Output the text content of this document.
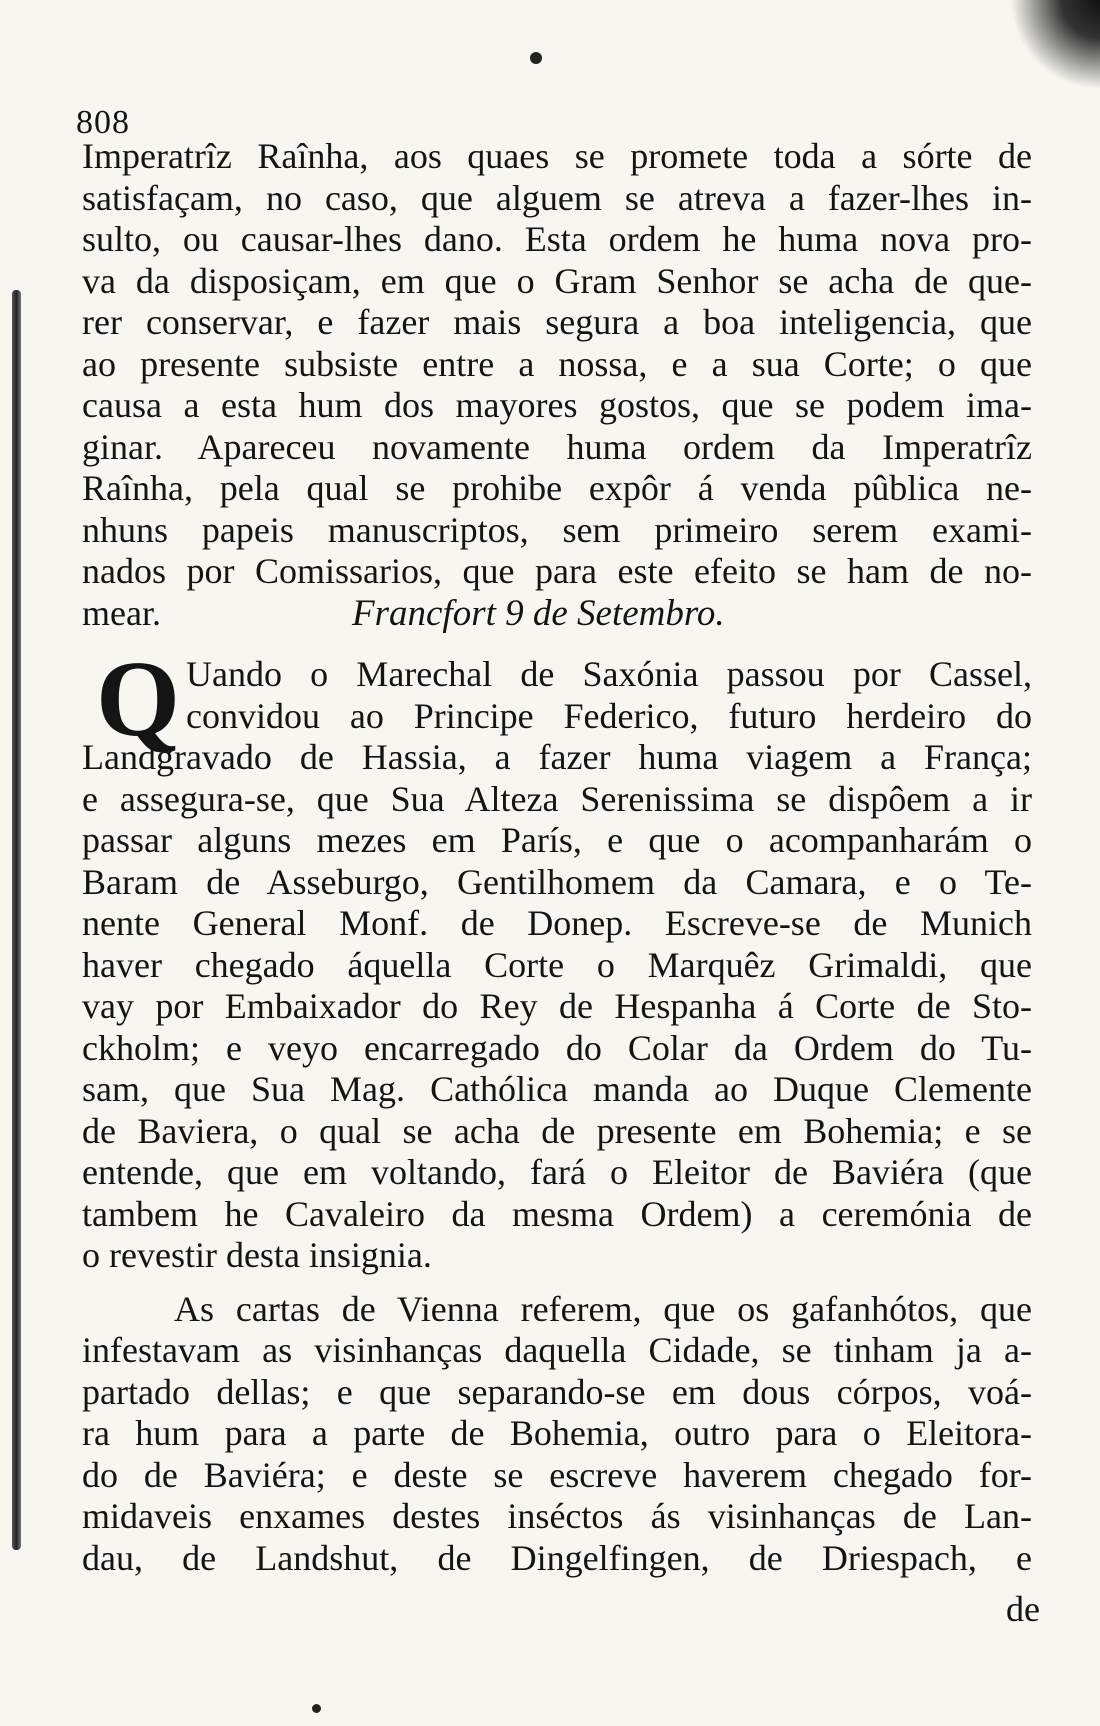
808
Imperatrîz Raînha, aos quaes se promete toda a sórte de
satisfaçam, no caso, que alguem se atreva a fazer-lhes in-
sulto, ou causar-lhes dano. Esta ordem he huma nova pro-
va da disposiçam, em que o Gram Senhor se acha de que-
rer conservar, e fazer mais segura a boa inteligencia, que
ao presente subsiste entre a nossa, e a sua Corte; o que
causa a esta hum dos mayores gostos, que se podem ima-
ginar. Apareceu novamente huma ordem da Imperatrîz
Raînha, pela qual se prohibe expôr á venda pûblica ne-
nhuns papeis manuscriptos, sem primeiro serem exami-
nados por Comissarios, que para este efeito se ham de no-
mear.	Francfort 9 de Setembro.
Q Uando o Marechal de Saxónia passou por Cassel,
convidou ao Principe Federico, futuro herdeiro do
Landgravado de Hassia, a fazer huma viagem a França;
e assegura-se, que Sua Alteza Serenissima se dispôem a ir
passar alguns mezes em París, e que o acompanharám o
Baram de Asseburgo, Gentilhomem da Camara, e o Te-
nente General Monf. de Donep. Escreve-se de Munich
haver chegado áquella Corte o Marquêz Grimaldi, que
vay por Embaixador do Rey de Hespanha á Corte de Sto-
ckholm; e veyo encarregado do Colar da Ordem do Tu-
sam, que Sua Mag. Cathólica manda ao Duque Clemente
de Baviera, o qual se acha de presente em Bohemia; e se
entende, que em voltando, fará o Eleitor de Baviéra (que
tambem he Cavaleiro da mesma Ordem) a ceremónia de
o revestir desta insignia.
As cartas de Vienna referem, que os gafanhótos, que
infestavam as visinhanças daquella Cidade, se tinham ja a-
partado dellas; e que separando-se em dous córpos, voá-
ra hum para a parte de Bohemia, outro para o Eleitora-
do de Baviéra; e deste se escreve haverem chegado for-
midaveis enxames destes inséctos ás visinhanças de Lan-
dau, de Landshut, de Dingelfingen, de Driespach, e
de
